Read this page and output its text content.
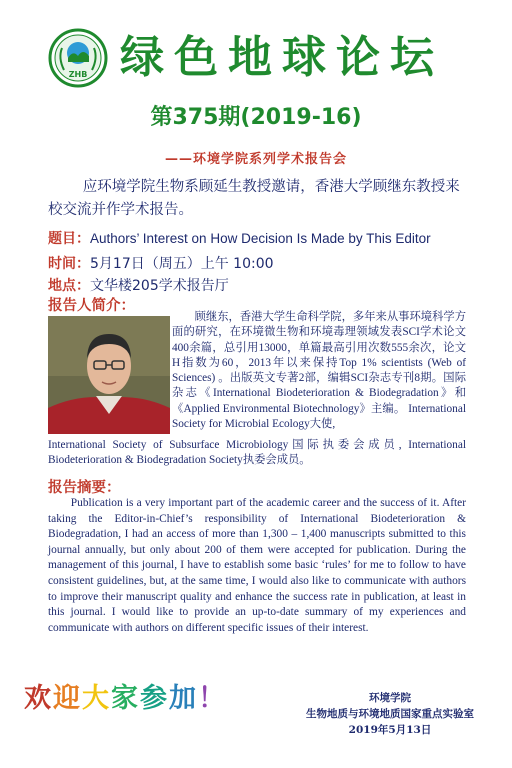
ZHB 绿色地球论坛
第375期(2019-16)
——环境学院系列学术报告会
应环境学院生物系顾延生教授邀请，香港大学顾继东教授来校交流并作学术报告。
题目：Authors’ Interest on How Decision Is Made by This Editor
时间：5月17日（周五）上午 10:00
地点：文华楼205学术报告厅
报告人简介：
顾继东，香港大学生命科学院，多年来从事环境科学方面的研究，在环境微生物和环境毒理领域发表SCI学术论文400余篇，总引用13000，单篇最高引用次数555余次，论文H指数为60，2013年以来保持Top 1% scientists (Web of Sciences) 。出版英文专著2部，编辑SCI杂志专刊8期。国际杂志《International Biodeterioration & Biodegradation》和《Applied Environmental Biotechnology》主编。 International Society for Microbial Ecology大使,
International Society of Subsurface Microbiology国际执委会成员, International Biodeterioration & Biodegradation Society执委会成员。
报告摘要：
Publication is a very important part of the academic career and the success of it. After taking the Editor-in-Chief’s responsibility of International Biodeterioration & Biodegradation, I had an access of more than 1,300 – 1,400 manuscripts submitted to this journal annually, but only about 200 of them were accepted for publication. During the management of this journal, I have to establish some basic ‘rules’ for me to follow to have consistent guidelines, but, at the same time, I would also like to communicate with authors to improve their manuscript quality and enhance the success rate in publication, at least in this journal. I would like to provide an up-to-date summary of my experiences and communicate with authors on different specific issues of their interest.
欢迎大家参加！	环境学院
生物地质与环境地质国家重点实验室
2019年5月13日
